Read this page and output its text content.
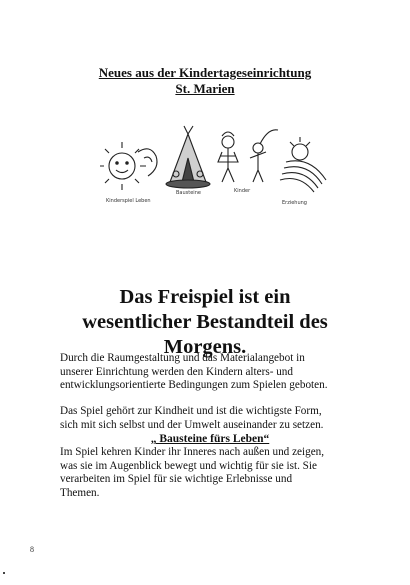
Neues aus der Kindertageseinrichtung
St. Marien
Kinderspiel Leben
Bausteine	Kinder
Erziehung
Das Freispiel ist ein
wesentlicher Bestandteil des
Morgens.

Durch die Raumgestaltung und das Materialangebot in
unserer Einrichtung werden den Kindern alters- und
entwicklungsorientierte Bedingungen zum Spielen geboten.

Das Spiel gehört zur Kindheit und ist die wichtigste Form,
sich mit sich selbst und der Umwelt auseinander zu setzen.

„ Bausteine fürs Leben“

Im Spiel kehren Kinder ihr Inneres nach außen und zeigen,
was sie im Augenblick bewegt und wichtig für sie ist. Sie
verarbeiten im Spiel für sie wichtige Erlebnisse und
Themen.

8
